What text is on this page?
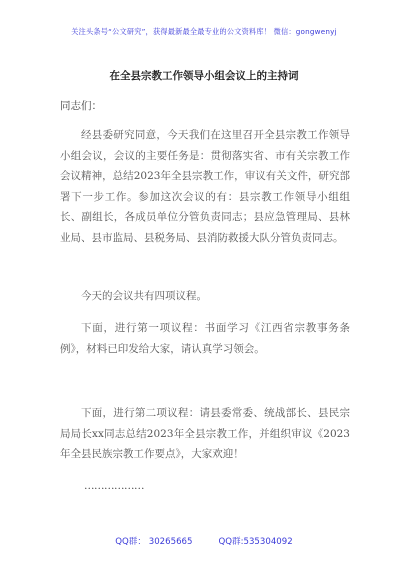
关注头条号“公文研究”，获得最新最全最专业的公文资料库！ 微信：gongwenyj
在全县宗教工作领导小组会议上的主持词
同志们：

经县委研究同意，今天我们在这里召开全县宗教工作领导小组会议，会议的主要任务是：贯彻落实省、市有关宗教工作会议精神，总结2023年全县宗教工作，审议有关文件，研究部署下一步工作。参加这次会议的有：县宗教工作领导小组组长、副组长，各成员单位分管负责同志；县应急管理局、县林业局、县市监局、县税务局、县消防救援大队分管负责同志。

今天的会议共有四项议程。

下面，进行第一项议程：书面学习《江西省宗教事务条例》，材料已印发给大家，请认真学习领会。

下面，进行第二项议程：请县委常委、统战部长、县民宗局局长xx同志总结2023年全县宗教工作，并组织审议《2023年全县民族宗教工作要点》，大家欢迎！

………………
QQ群： 30265665	QQ群:535304092
